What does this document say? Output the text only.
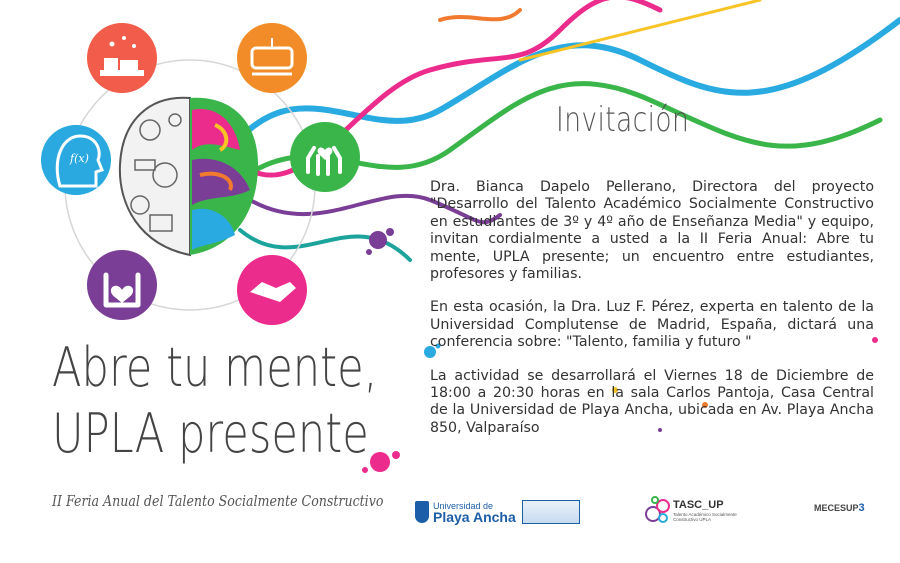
f(x)
Invitación

Dra. Bianca Dapelo Pellerano, Directora del proyecto "Desarrollo del Talento Académico Socialmente Constructivo en estudiantes de 3º y 4º año de Enseñanza Media" y equipo, invitan cordialmente a usted a la II Feria Anual: Abre tu mente, UPLA presente; un encuentro entre estudiantes, profesores y familias.

En esta ocasión, la Dra. Luz F. Pérez, experta en talento de la Universidad Complutense de Madrid, España, dictará una conferencia sobre: "Talento, familia y futuro "

La actividad se desarrollará el Viernes 18 de Diciembre de 18:00 a 20:30 horas en la sala Carlos Pantoja, Casa Central de la Universidad de Playa Ancha, ubicada en Av. Playa Ancha 850, Valparaíso

Abre tu mente,
UPLA presente
II Feria Anual del Talento Socialmente Constructivo	Universidad de
Playa Ancha
TASC_UP
Talento Académico Socialmente Constructivo UPLA
MECESUP3
